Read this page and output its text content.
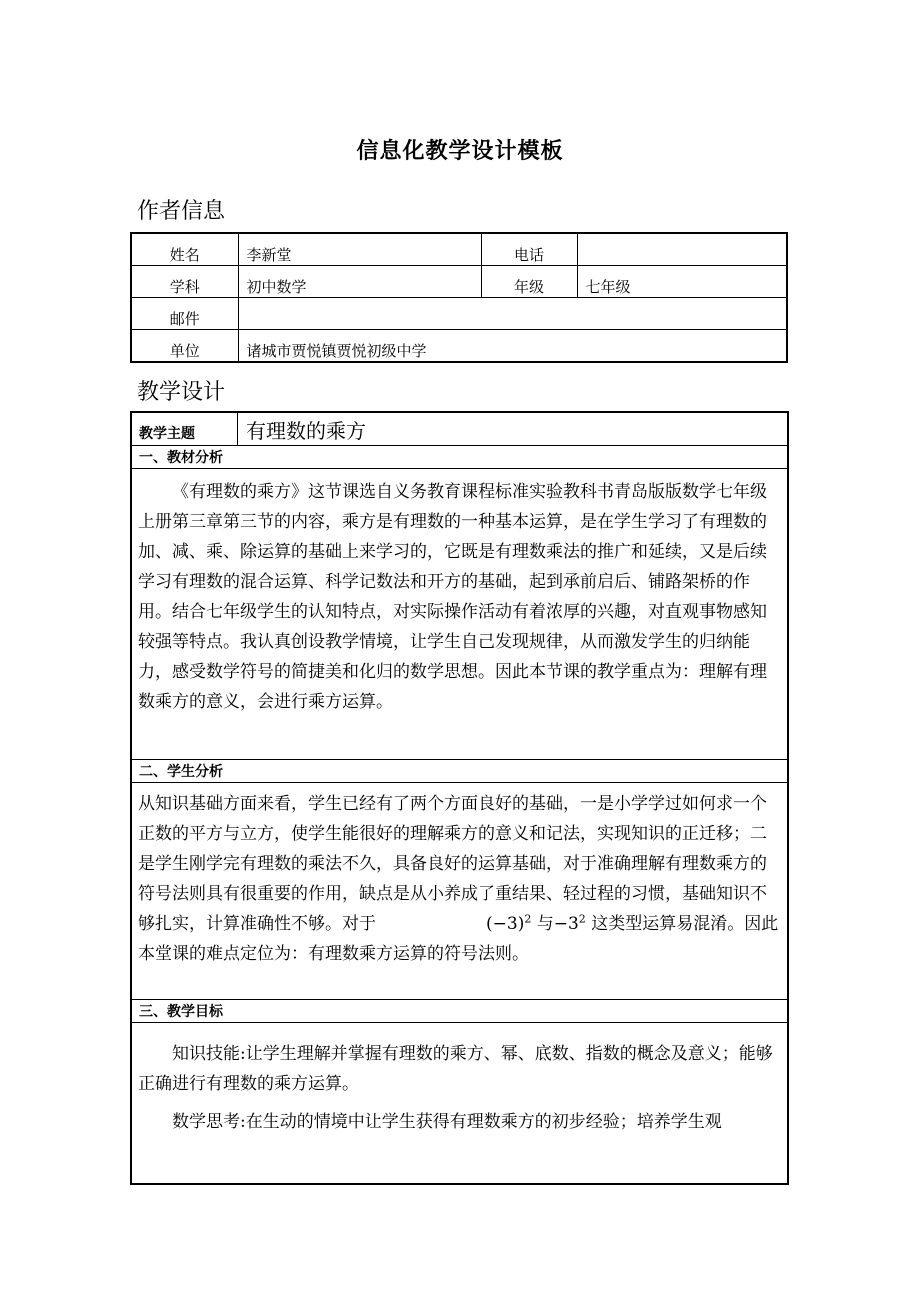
信息化教学设计模板
作者信息
姓名	李新堂	电话	
学科	初中数学	年级	七年级
邮件			
单位	诸城市贾悦镇贾悦初级中学		
教学设计
教学主题	有理数的乘方
一、教材分析

《有理数的乘方》这节课选自义务教育课程标准实验教科书青岛版版数学七年级上册第三章第三节的内容，乘方是有理数的一种基本运算，是在学生学习了有理数的加、减、乘、除运算的基础上来学习的，它既是有理数乘法的推广和延续，又是后续学习有理数的混合运算、科学记数法和开方的基础，起到承前启后、铺路架桥的作用。结合七年级学生的认知特点，对实际操作活动有着浓厚的兴趣，对直观事物感知较强等特点。我认真创设教学情境，让学生自己发现规律，从而激发学生的归纳能力，感受数学符号的简捷美和化归的数学思想。因此本节课的教学重点为：理解有理数乘方的意义，会进行乘方运算。

二、学生分析

从知识基础方面来看，学生已经有了两个方面良好的基础，一是小学学过如何求一个正数的平方与立方，使学生能很好的理解乘方的意义和记法，实现知识的正迁移；二是学生刚学完有理数的乘法不久，具备良好的运算基础，对于准确理解有理数乘方的符号法则具有很重要的作用，缺点是从小养成了重结果、轻过程的习惯，基础知识不够扎实，计算准确性不够。对于	$(-3)^2$ 与$-3^2$ 这类型运算易混淆。因此本堂课的难点定位为：有理数乘方运算的符号法则。

三、教学目标

知识技能:让学生理解并掌握有理数的乘方、幂、底数、指数的概念及意义；能够正确进行有理数的乘方运算。

数学思考:在生动的情境中让学生获得有理数乘方的初步经验；培养学生观
